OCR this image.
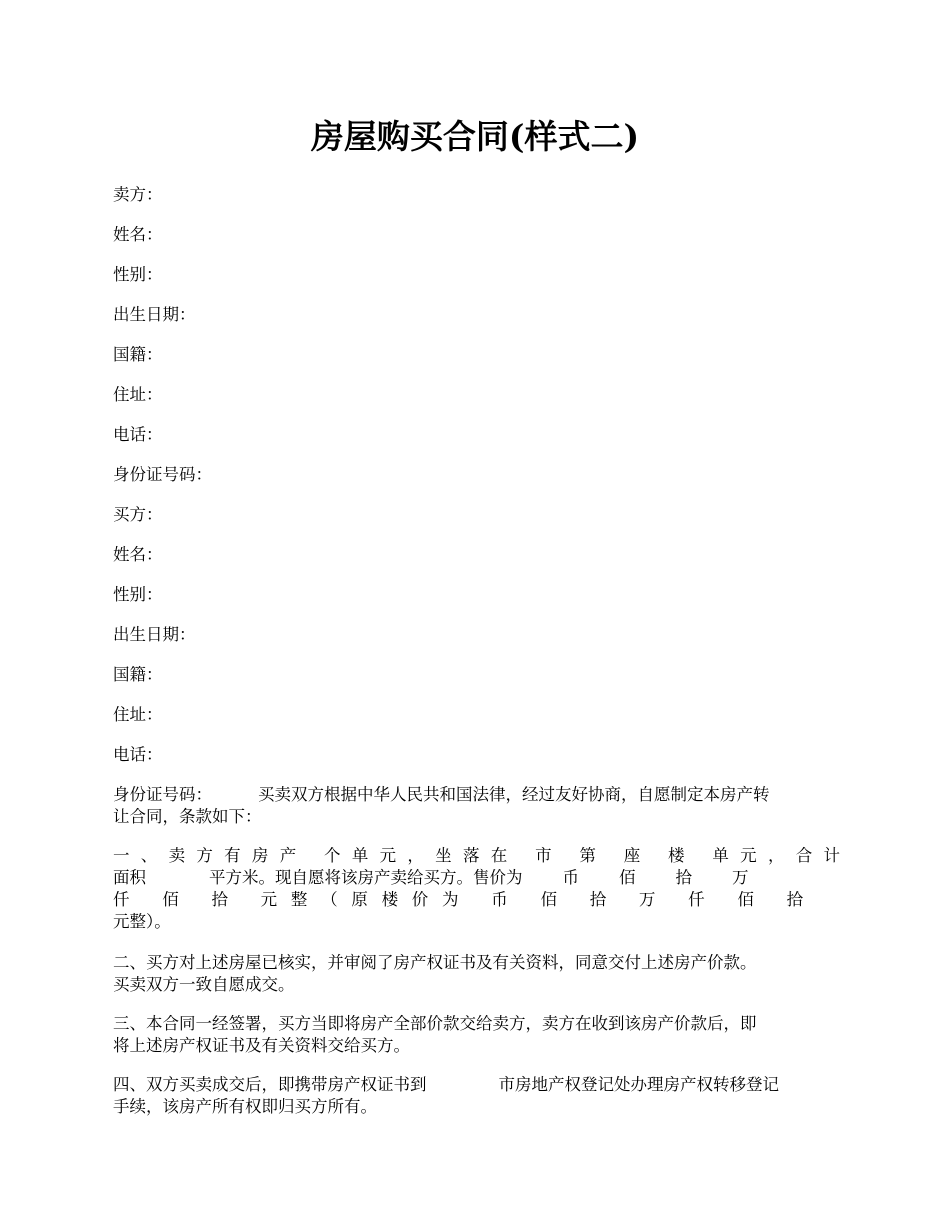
房屋购买合同(样式二)

卖方：

姓名：

性别：

出生日期：

国籍：

住址：

电话：

身份证号码：

买方：

姓名：

性别：

出生日期：

国籍：

住址：

电话：

身份证号码：	买卖双方根据中华人民共和国法律，经过友好协商，自愿制定本房产转
让合同，条款如下：
一、卖方有房产 个单元，坐落在 市 第 座 楼 单元，合计
面积	平方米。现自愿将该房产卖给买方。售价为 币 佰 拾 万
仟 佰 拾 元整（原楼价为 币 佰 拾 万 仟 佰 拾
元整）。
二、买方对上述房屋已核实，并审阅了房产权证书及有关资料，同意交付上述房产价款。
买卖双方一致自愿成交。
三、本合同一经签署，买方当即将房产全部价款交给卖方，卖方在收到该房产价款后，即
将上述房产权证书及有关资料交给买方。
四、双方买卖成交后，即携带房产权证书到	市房地产权登记处办理房产权转移登记
手续，该房产所有权即归买方所有。
